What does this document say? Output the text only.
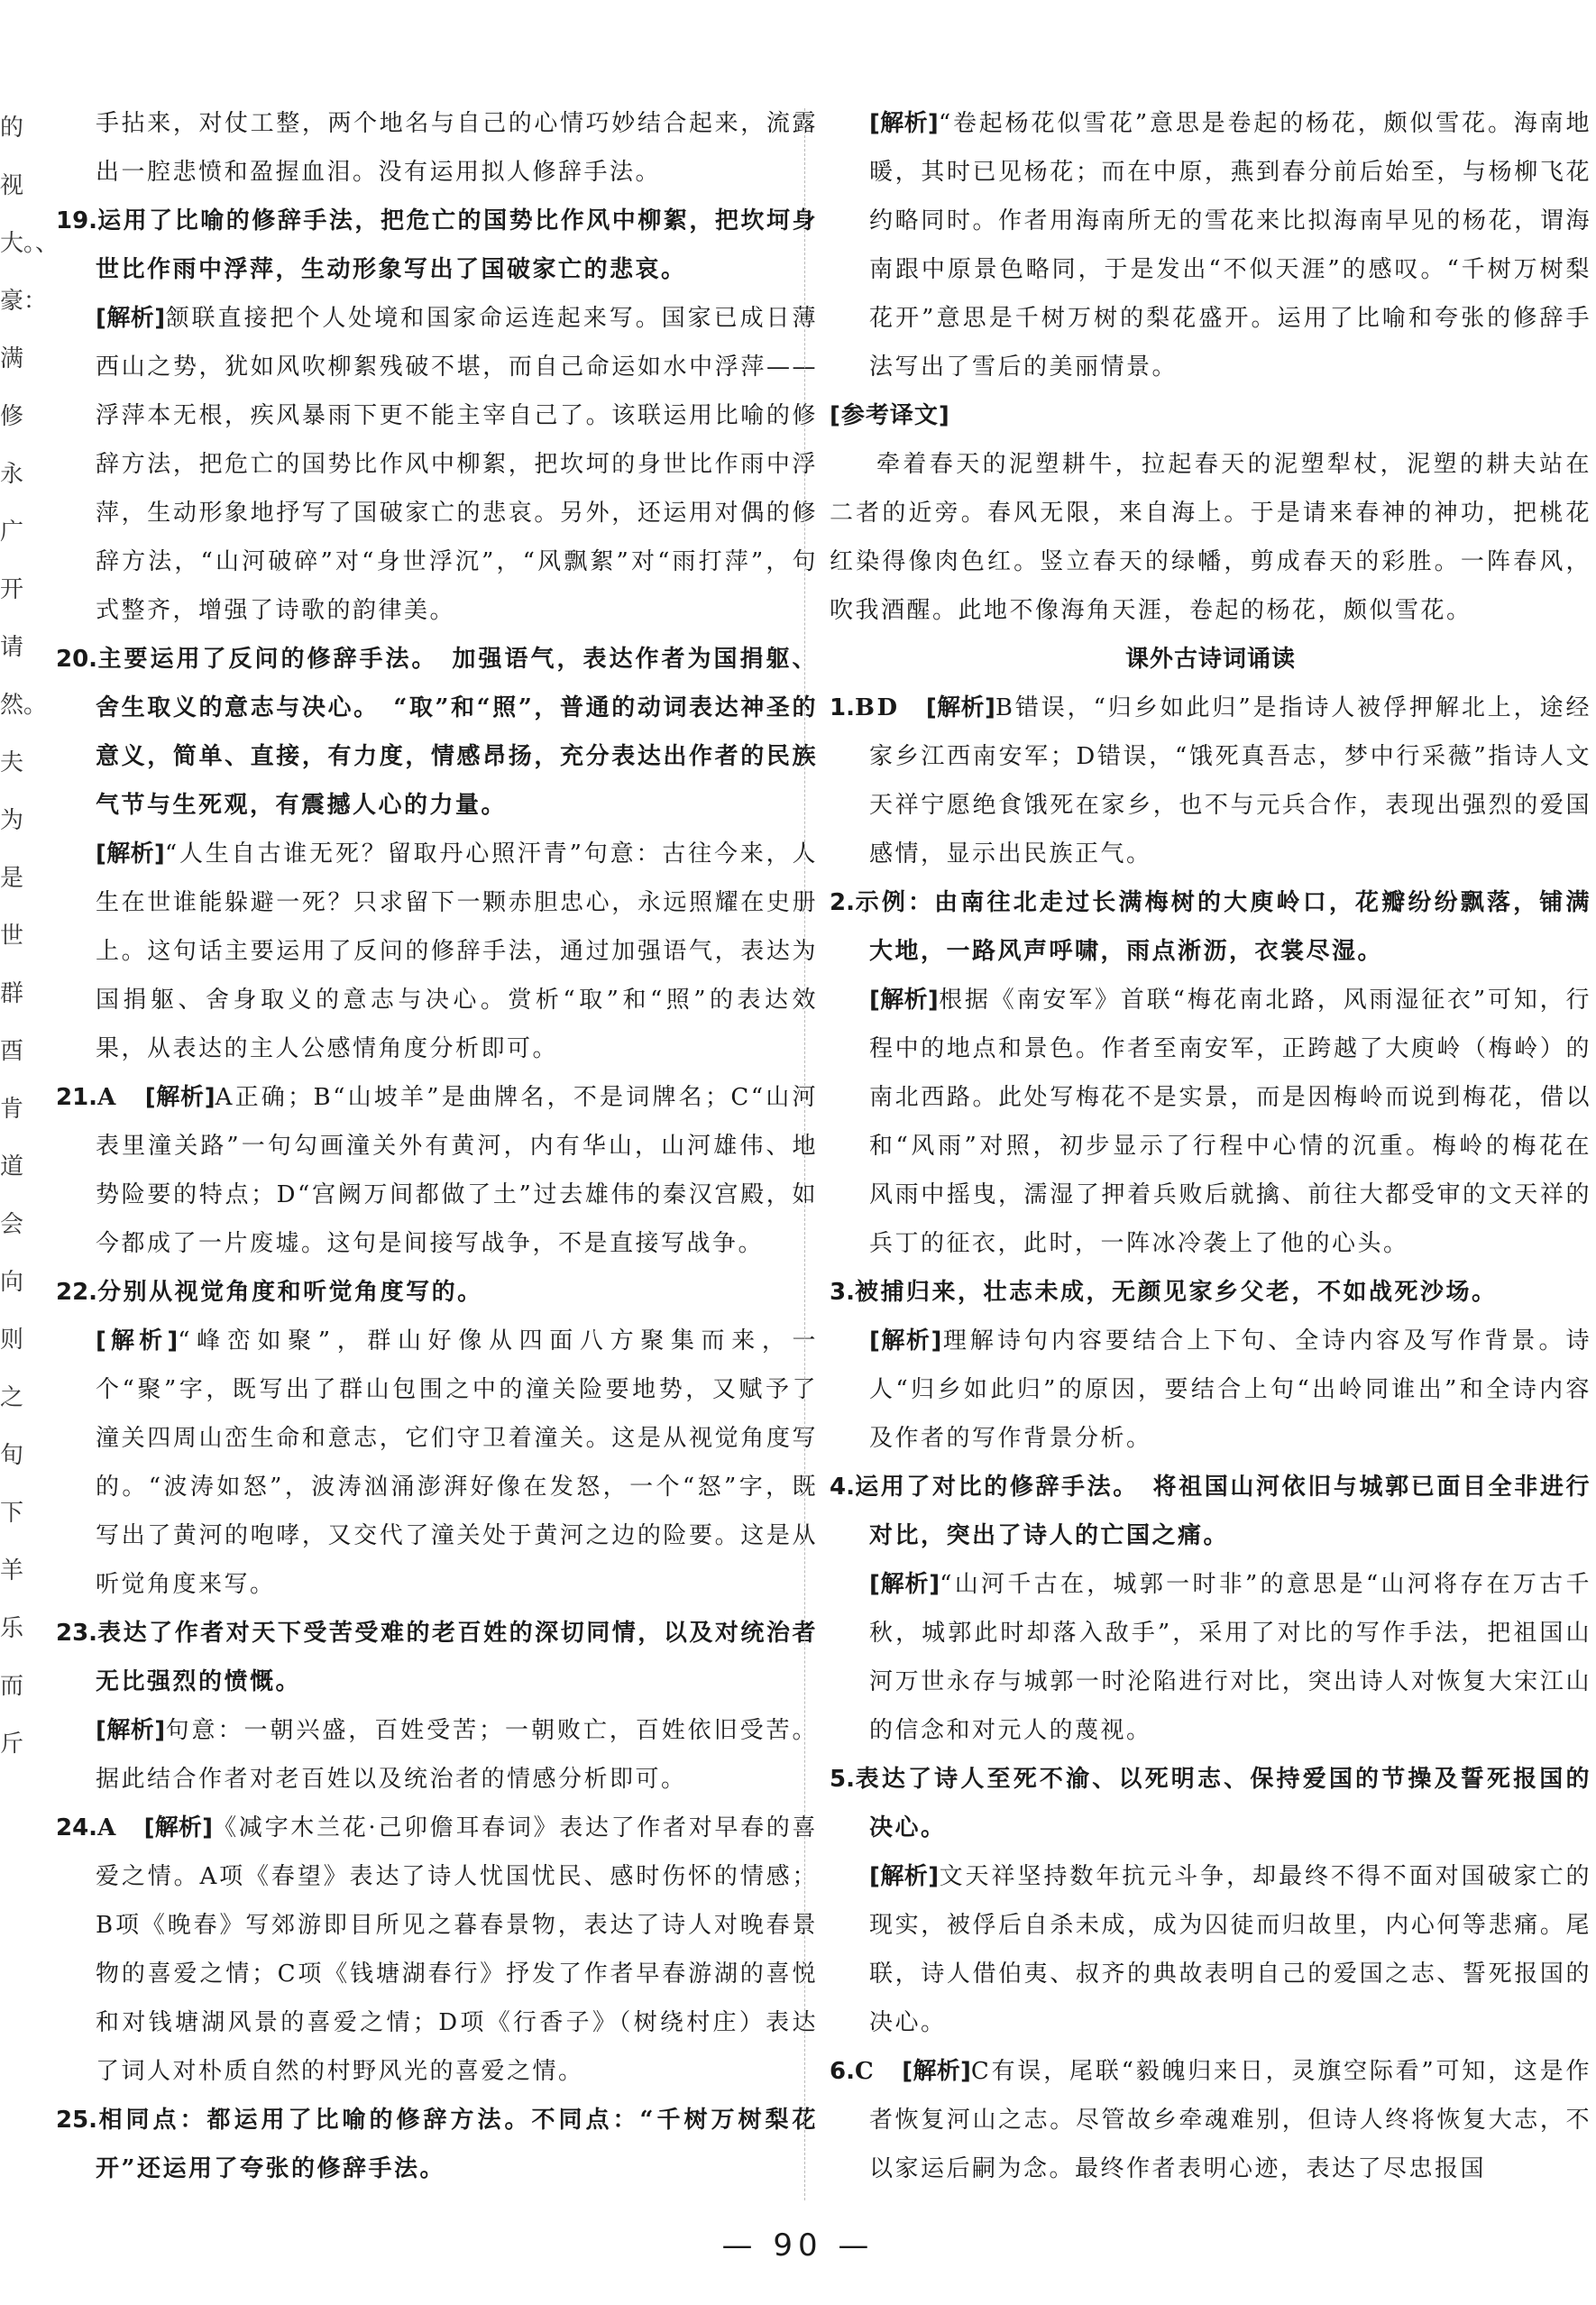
的视大。、豪：满修永广开请然。夫为是世群酉肯道会向则之旬下羊乐而斤

手拈来，对仗工整，两个地名与自己的心情巧妙结合起来，流露出一腔悲愤和盈握血泪。没有运用拟人修辞手法。

19.运用了比喻的修辞手法，把危亡的国势比作风中柳絮，把坎坷身世比作雨中浮萍，生动形象写出了国破家亡的悲哀。

[解析]颔联直接把个人处境和国家命运连起来写。国家已成日薄西山之势，犹如风吹柳絮残破不堪，而自己命运如水中浮萍——浮萍本无根，疾风暴雨下更不能主宰自己了。该联运用比喻的修辞方法，把危亡的国势比作风中柳絮，把坎坷的身世比作雨中浮萍，生动形象地抒写了国破家亡的悲哀。另外，还运用对偶的修辞方法，“山河破碎”对“身世浮沉”，“风飘絮”对“雨打萍”，句式整齐，增强了诗歌的韵律美。

20.主要运用了反问的修辞手法。　加强语气，表达作者为国捐躯、舍生取义的意志与决心。　“取”和“照”，普通的动词表达神圣的意义，简单、直接，有力度，情感昂扬，充分表达出作者的民族气节与生死观，有震撼人心的力量。

[解析]“人生自古谁无死？留取丹心照汗青”句意：古往今来，人生在世谁能躲避一死？只求留下一颗赤胆忠心，永远照耀在史册上。这句话主要运用了反问的修辞手法，通过加强语气，表达为国捐躯、舍身取义的意志与决心。赏析“取”和“照”的表达效果，从表达的主人公感情角度分析即可。

21.A　 [解析]A正确；B“山坡羊”是曲牌名，不是词牌名；C“山河表里潼关路”一句勾画潼关外有黄河，内有华山，山河雄伟、地势险要的特点；D“宫阙万间都做了土”过去雄伟的秦汉宫殿，如今都成了一片废墟。这句是间接写战争，不是直接写战争。

22.分别从视觉角度和听觉角度写的。

[解析]“峰峦如聚”，群山好像从四面八方聚集而来，一个“聚”字，既写出了群山包围之中的潼关险要地势，又赋予了潼关四周山峦生命和意志，它们守卫着潼关。这是从视觉角度写的。“波涛如怒”，波涛汹涌澎湃好像在发怒，一个“怒”字，既写出了黄河的咆哮，又交代了潼关处于黄河之边的险要。这是从听觉角度来写。

23.表达了作者对天下受苦受难的老百姓的深切同情，以及对统治者无比强烈的愤慨。

[解析]句意：一朝兴盛，百姓受苦；一朝败亡，百姓依旧受苦。据此结合作者对老百姓以及统治者的情感分析即可。

24.A　 [解析]《减字木兰花·己卯儋耳春词》表达了作者对早春的喜爱之情。A项《春望》表达了诗人忧国忧民、感时伤怀的情感；B项《晚春》写郊游即目所见之暮春景物，表达了诗人对晚春景物的喜爱之情；C项《钱塘湖春行》抒发了作者早春游湖的喜悦和对钱塘湖风景的喜爱之情；D项《行香子》（树绕村庄）表达了词人对朴质自然的村野风光的喜爱之情。

25.相同点：都运用了比喻的修辞方法。不同点：“千树万树梨花开”还运用了夸张的修辞手法。

[解析]“卷起杨花似雪花”意思是卷起的杨花，颇似雪花。海南地暖，其时已见杨花；而在中原，燕到春分前后始至，与杨柳飞花约略同时。作者用海南所无的雪花来比拟海南早见的杨花，谓海南跟中原景色略同，于是发出“不似天涯”的感叹。“千树万树梨花开”意思是千树万树的梨花盛开。运用了比喻和夸张的修辞手法写出了雪后的美丽情景。

[参考译文]

牵着春天的泥塑耕牛，拉起春天的泥塑犁杖，泥塑的耕夫站在二者的近旁。春风无限，来自海上。于是请来春神的神功，把桃花红染得像肉色红。竖立春天的绿幡，剪成春天的彩胜。一阵春风，吹我酒醒。此地不像海角天涯，卷起的杨花，颇似雪花。

课外古诗词诵读

1.BD　 [解析]B错误，“归乡如此归”是指诗人被俘押解北上，途经家乡江西南安军；D错误，“饿死真吾志，梦中行采薇”指诗人文天祥宁愿绝食饿死在家乡，也不与元兵合作，表现出强烈的爱国感情，显示出民族正气。

2.示例：由南往北走过长满梅树的大庾岭口，花瓣纷纷飘落，铺满大地，一路风声呼啸，雨点淅沥，衣裳尽湿。

[解析]根据《南安军》首联“梅花南北路，风雨湿征衣”可知，行程中的地点和景色。作者至南安军，正跨越了大庾岭（梅岭）的南北西路。此处写梅花不是实景，而是因梅岭而说到梅花，借以和“风雨”对照，初步显示了行程中心情的沉重。梅岭的梅花在风雨中摇曳，濡湿了押着兵败后就擒、前往大都受审的文天祥的兵丁的征衣，此时，一阵冰冷袭上了他的心头。

3.被捕归来，壮志未成，无颜见家乡父老，不如战死沙场。

[解析]理解诗句内容要结合上下句、全诗内容及写作背景。诗人“归乡如此归”的原因，要结合上句“出岭同谁出”和全诗内容及作者的写作背景分析。

4.运用了对比的修辞手法。　将祖国山河依旧与城郭已面目全非进行对比，突出了诗人的亡国之痛。

[解析]“山河千古在，城郭一时非”的意思是“山河将存在万古千秋，城郭此时却落入敌手”，采用了对比的写作手法，把祖国山河万世永存与城郭一时沦陷进行对比，突出诗人对恢复大宋江山的信念和对元人的蔑视。

5.表达了诗人至死不渝、以死明志、保持爱国的节操及誓死报国的决心。

[解析]文天祥坚持数年抗元斗争，却最终不得不面对国破家亡的现实，被俘后自杀未成，成为囚徒而归故里，内心何等悲痛。尾联，诗人借伯夷、叔齐的典故表明自己的爱国之志、誓死报国的决心。

6.C　 [解析]C有误，尾联“毅魄归来日，灵旗空际看”可知，这是作者恢复河山之志。尽管故乡牵魂难别，但诗人终将恢复大志，不以家运后嗣为念。最终作者表明心迹，表达了尽忠报国

— 90 —
